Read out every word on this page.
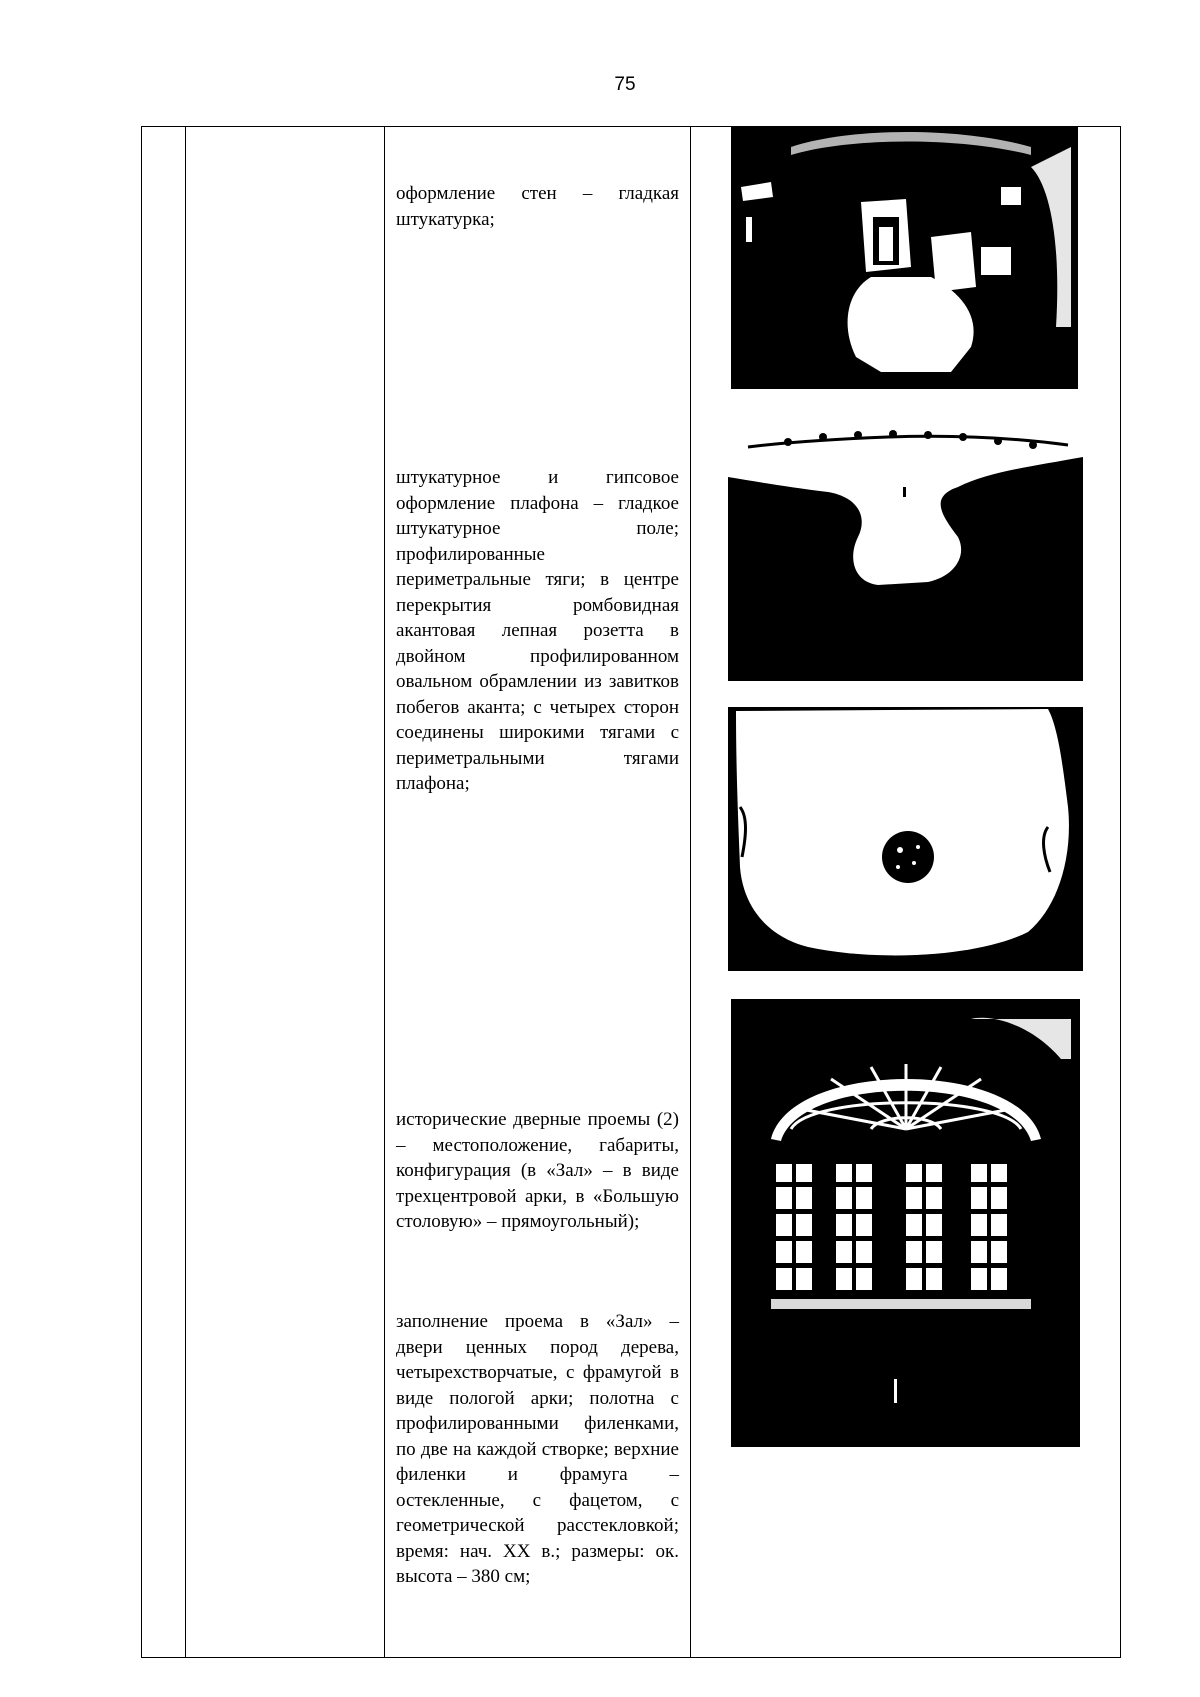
75
оформление стен – гладкая штукатурка;
штукатурное и гипсовое оформление плафона – гладкое штукатурное поле; профилированные периметральные тяги; в центре перекрытия ромбовидная акантовая лепная розетта в двойном профилированном овальном обрамлении из завитков побегов аканта; с четырех сторон соединены широкими тягами с периметральными тягами плафона;
исторические дверные проемы (2) – местоположение, габариты, конфигурация (в «Зал» – в виде трехцентровой арки, в «Большую столовую» – прямоугольный);
заполнение проема в «Зал» – двери ценных пород дерева, четырехстворчатые, с фрамугой в виде пологой арки; полотна с профилированными филенками, по две на каждой створке; верхние филенки и фрамуга – остекленные, с фацетом, с геометрической расстекловкой; время: нач. XX в.; размеры: ок. высота – 380 см;
